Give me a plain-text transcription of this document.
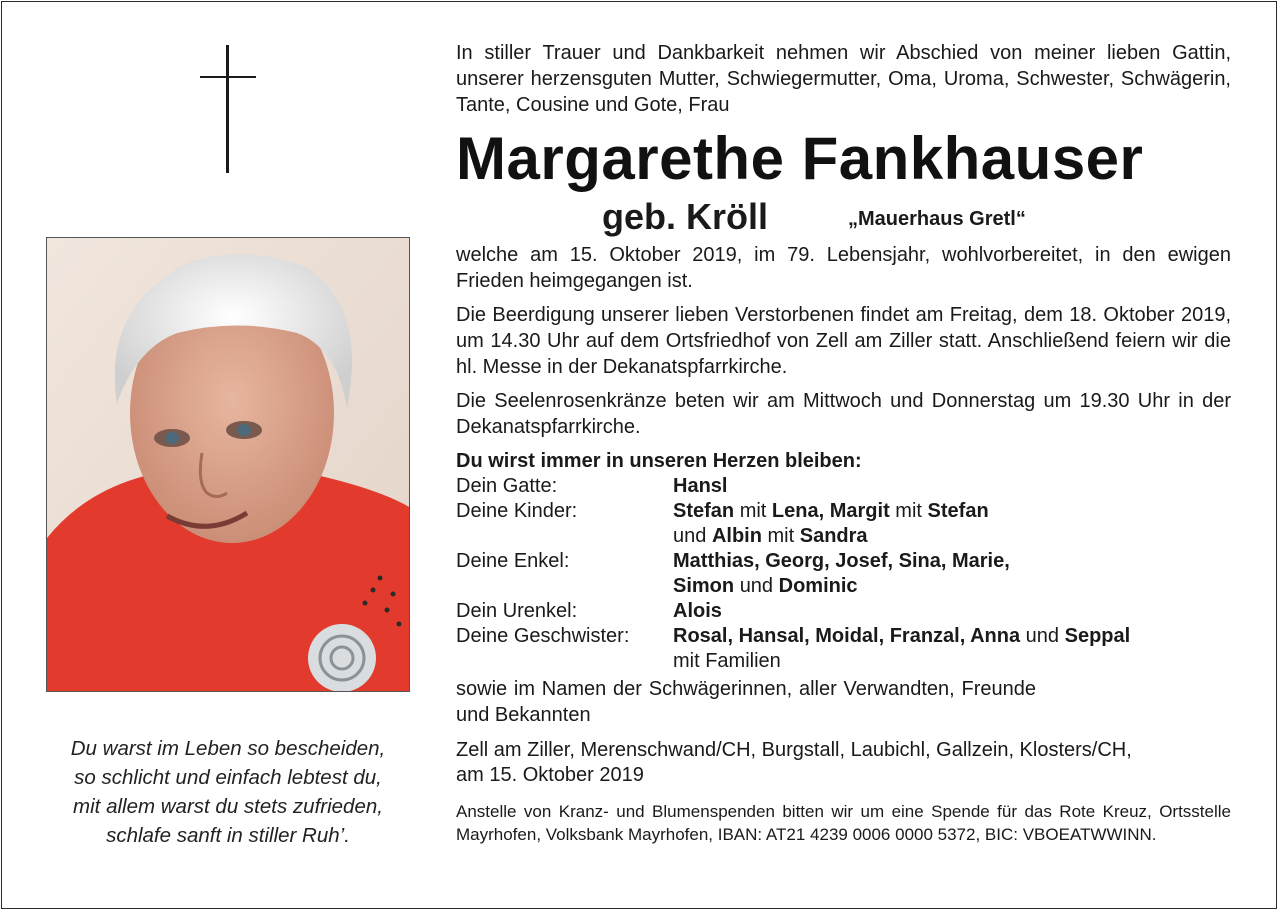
Du warst im Leben so bescheiden,
so schlicht und einfach lebtest du,
mit allem warst du stets zufrieden,
schlafe sanft in stiller Ruh’.

In stiller Trauer und Dankbarkeit nehmen wir Abschied von meiner lieben Gattin, unserer herzensguten Mutter, Schwiegermutter, Oma, Uroma, Schwester, Schwägerin, Tante, Cousine und Gote, Frau

Margarethe Fankhauser
geb. Kröll	„Mauerhaus Gretl“

welche am 15. Oktober 2019, im 79. Lebensjahr, wohlvorbereitet, in den ewigen Frieden heimgegangen ist.

Die Beerdigung unserer lieben Verstorbenen findet am Freitag, dem 18. Oktober 2019, um 14.30 Uhr auf dem Ortsfriedhof von Zell am Ziller statt. Anschließend feiern wir die hl. Messe in der Dekanatspfarrkirche.

Die Seelenrosenkränze beten wir am Mittwoch und Donnerstag um 19.30 Uhr in der Dekanatspfarrkirche.

Du wirst immer in unseren Herzen bleiben:
Dein Gatte:	Hansl
Deine Kinder:	Stefan mit Lena, Margit mit Stefan
und Albin mit Sandra
Deine Enkel:	Matthias, Georg, Josef, Sina, Marie,
Simon und Dominic
Dein Urenkel:	Alois
Deine Geschwister:	Rosal, Hansal, Moidal, Franzal, Anna und Seppal
mit Familien

sowie im Namen der Schwägerinnen, aller Verwandten, Freunde und Bekannten

Zell am Ziller, Merenschwand/CH, Burgstall, Laubichl, Gallzein, Klosters/CH,
am 15. Oktober 2019

Anstelle von Kranz- und Blumenspenden bitten wir um eine Spende für das Rote Kreuz, Ortsstelle Mayrhofen, Volksbank Mayrhofen, IBAN: AT21 4239 0006 0000 5372, BIC: VBOEATWWINN.
